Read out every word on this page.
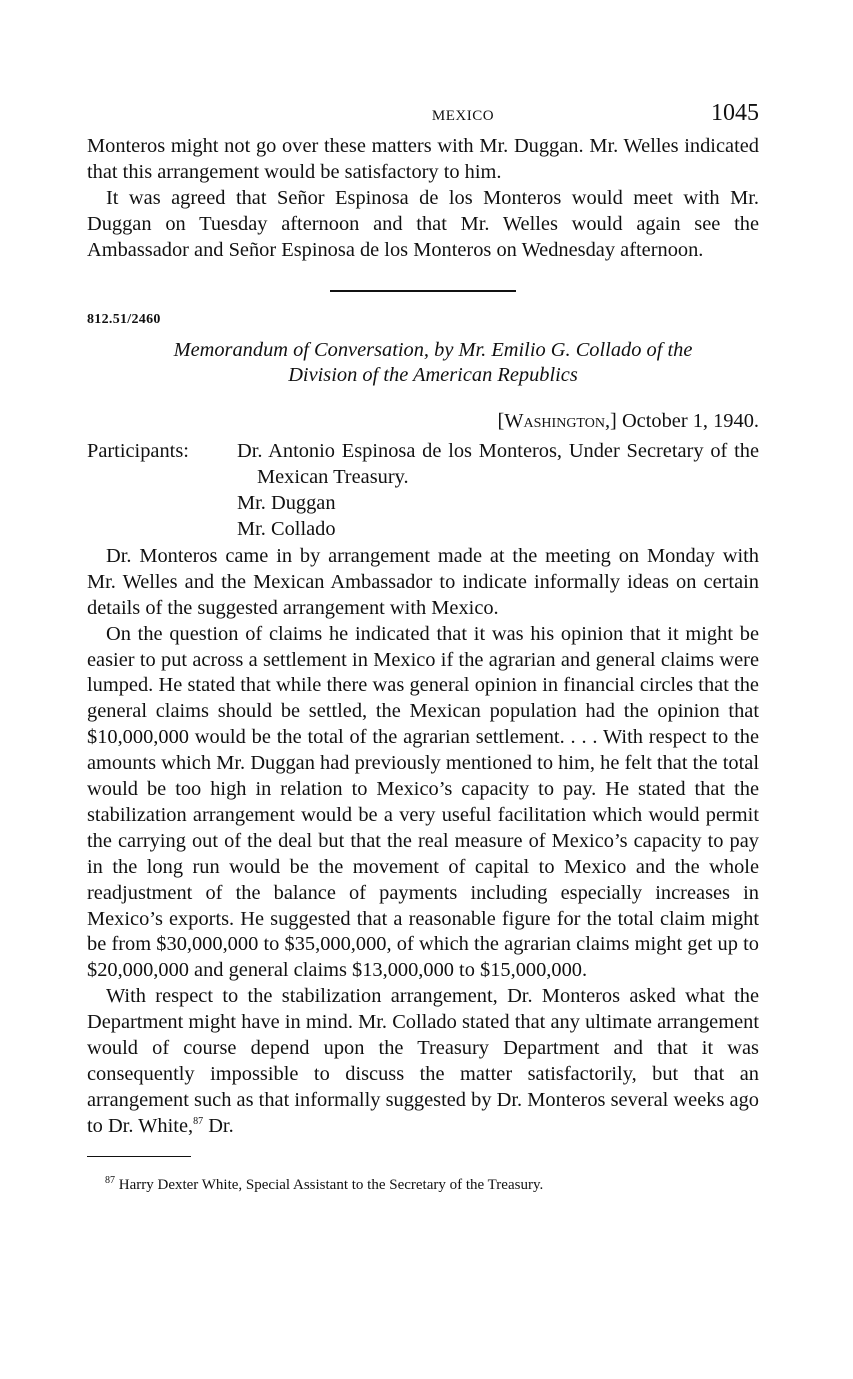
MEXICO	1045

Monteros might not go over these matters with Mr. Duggan. Mr. Welles indicated that this arrangement would be satisfactory to him.

It was agreed that Señor Espinosa de los Monteros would meet with Mr. Duggan on Tuesday afternoon and that Mr. Welles would again see the Ambassador and Señor Espinosa de los Monteros on Wednesday afternoon.

812.51/2460
Memorandum of Conversation, by Mr. Emilio G. Collado of the
Division of the American Republics
[Washington,] October 1, 1940.
Participants:	Dr. Antonio Espinosa de los Monteros, Under Secretary of the Mexican Treasury.
Mr. Duggan
Mr. Collado

Dr. Monteros came in by arrangement made at the meeting on Monday with Mr. Welles and the Mexican Ambassador to indicate informally ideas on certain details of the suggested arrangement with Mexico.

On the question of claims he indicated that it was his opinion that it might be easier to put across a settlement in Mexico if the agrarian and general claims were lumped. He stated that while there was general opinion in financial circles that the general claims should be settled, the Mexican population had the opinion that $10,000,000 would be the total of the agrarian settlement. . . . With respect to the amounts which Mr. Duggan had previously mentioned to him, he felt that the total would be too high in relation to Mexico’s capacity to pay. He stated that the stabilization arrangement would be a very useful facilitation which would permit the carrying out of the deal but that the real measure of Mexico’s capacity to pay in the long run would be the movement of capital to Mexico and the whole readjustment of the balance of payments including especially increases in Mexico’s exports. He suggested that a reasonable figure for the total claim might be from $30,000,000 to $35,000,000, of which the agrarian claims might get up to $20,000,000 and general claims $13,000,000 to $15,000,000.

With respect to the stabilization arrangement, Dr. Monteros asked what the Department might have in mind. Mr. Collado stated that any ultimate arrangement would of course depend upon the Treasury Department and that it was consequently impossible to discuss the matter satisfactorily, but that an arrangement such as that informally suggested by Dr. Monteros several weeks ago to Dr. White,$^{87}$ Dr.

$^{87}$ Harry Dexter White, Special Assistant to the Secretary of the Treasury.
